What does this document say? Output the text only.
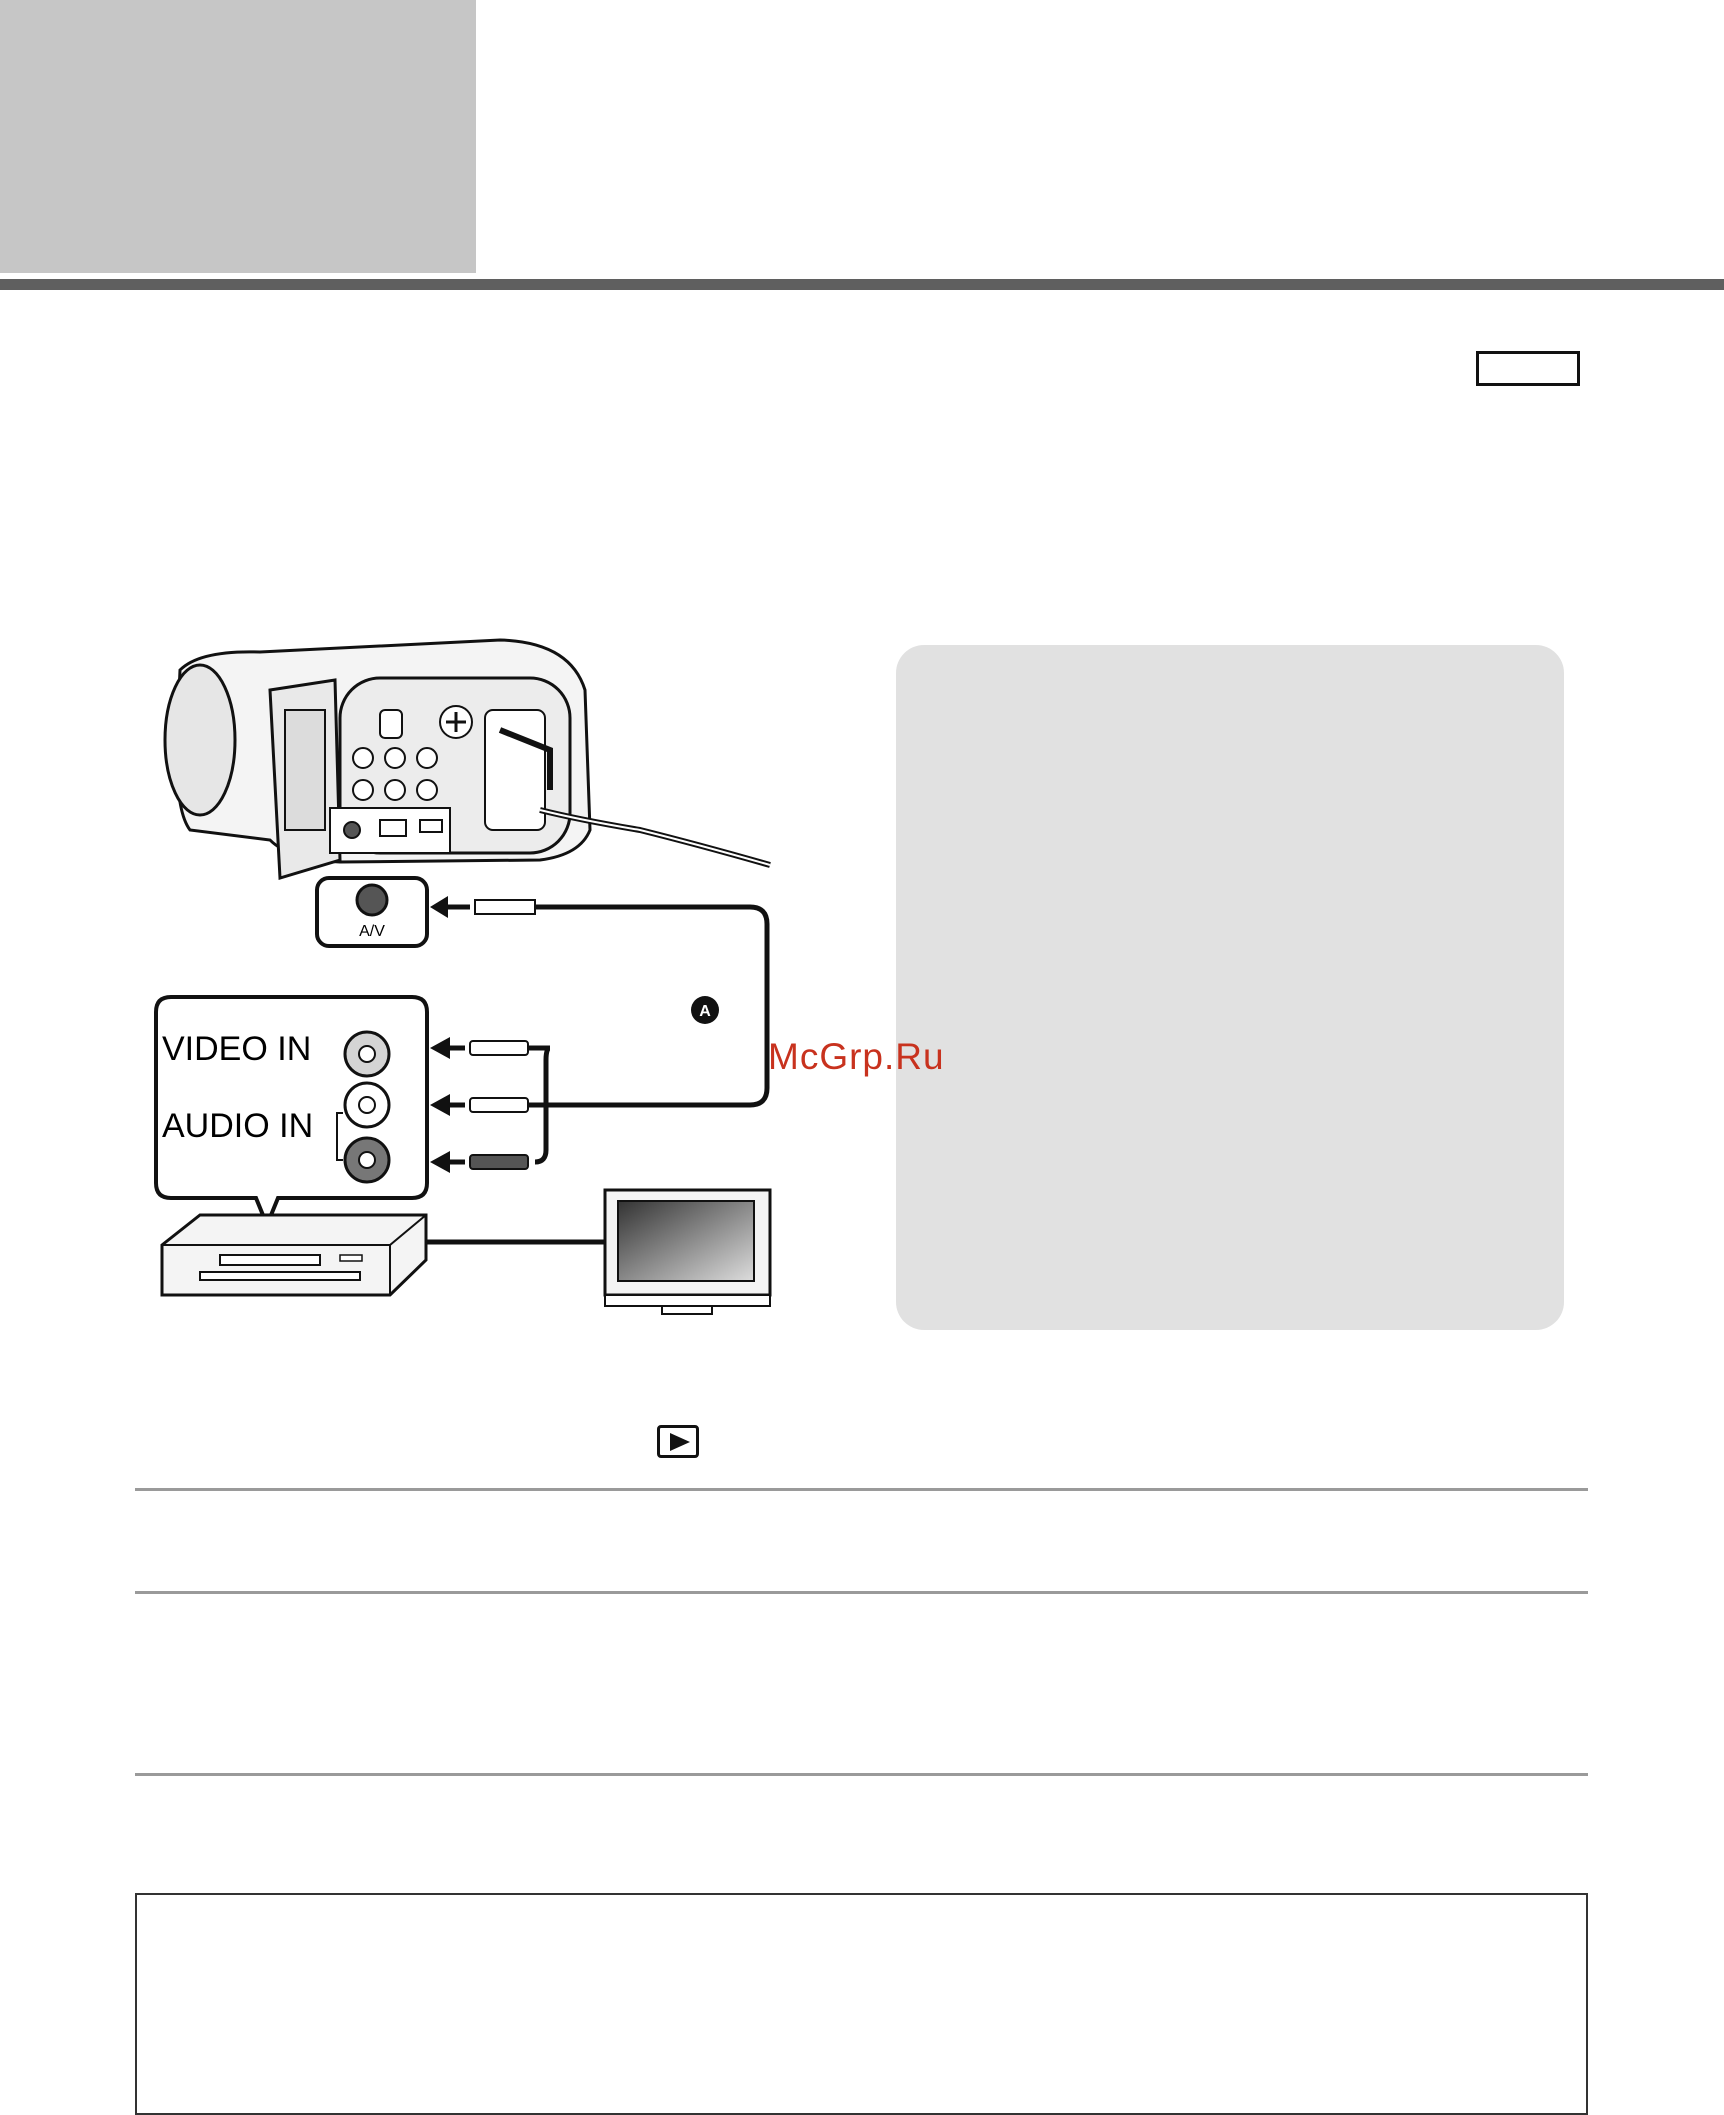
A/V
A
VIDEO IN
AUDIO IN
McGrp.Ru
